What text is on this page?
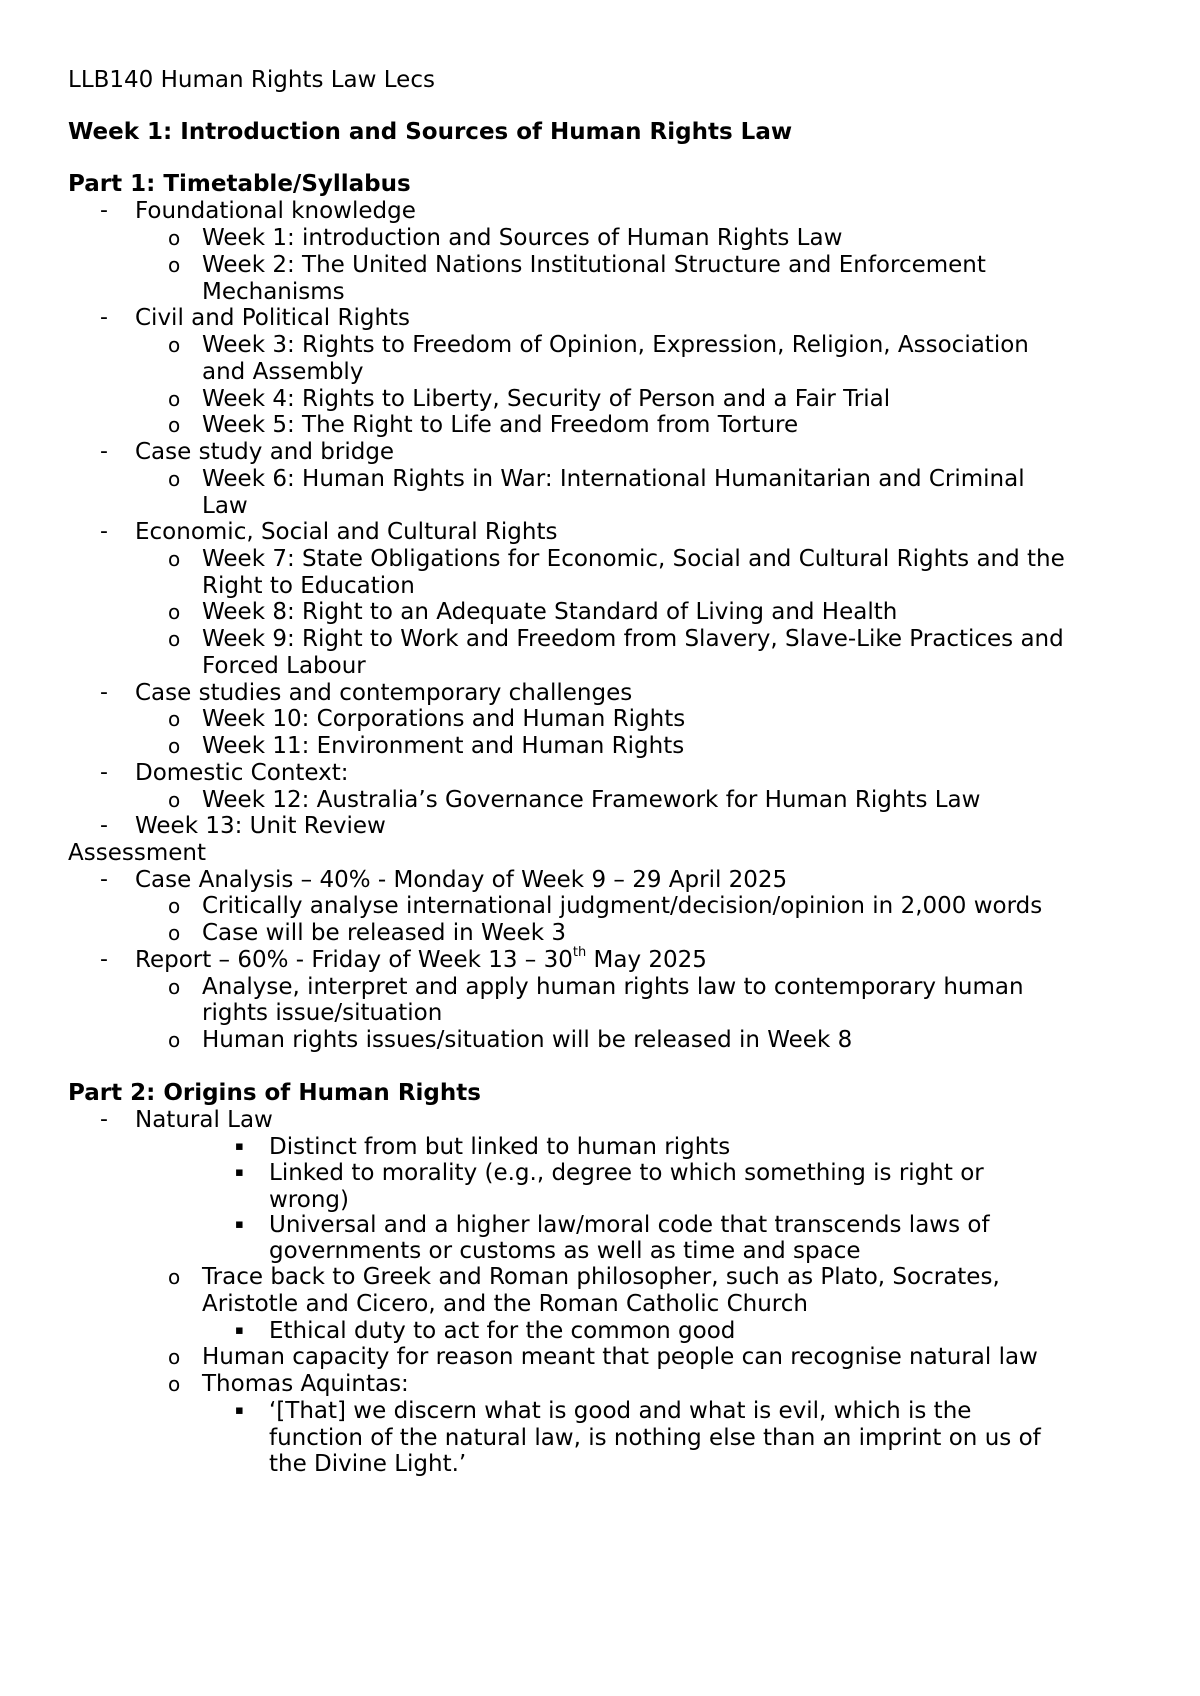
LLB140 Human Rights Law Lecs
Week 1: Introduction and Sources of Human Rights Law
Part 1: Timetable/Syllabus
- Foundational knowledge
o Week 1: introduction and Sources of Human Rights Law
o Week 2: The United Nations Institutional Structure and Enforcement
Mechanisms
- Civil and Political Rights
o Week 3: Rights to Freedom of Opinion, Expression, Religion, Association
and Assembly
o Week 4: Rights to Liberty, Security of Person and a Fair Trial
o Week 5: The Right to Life and Freedom from Torture
- Case study and bridge
o Week 6: Human Rights in War: International Humanitarian and Criminal
Law
- Economic, Social and Cultural Rights
o Week 7: State Obligations for Economic, Social and Cultural Rights and the
Right to Education
o Week 8: Right to an Adequate Standard of Living and Health
o Week 9: Right to Work and Freedom from Slavery, Slave-Like Practices and
Forced Labour
- Case studies and contemporary challenges
o Week 10: Corporations and Human Rights
o Week 11: Environment and Human Rights
- Domestic Context:
o Week 12: Australia’s Governance Framework for Human Rights Law
- Week 13: Unit Review
Assessment
- Case Analysis – 40% - Monday of Week 9 – 29 April 2025
o Critically analyse international judgment/decision/opinion in 2,000 words
o Case will be released in Week 3
- Report – 60% - Friday of Week 13 – 30th May 2025
o Analyse, interpret and apply human rights law to contemporary human
rights issue/situation
o Human rights issues/situation will be released in Week 8
Part 2: Origins of Human Rights
- Natural Law
▪ Distinct from but linked to human rights
▪ Linked to morality (e.g., degree to which something is right or
wrong)
▪ Universal and a higher law/moral code that transcends laws of
governments or customs as well as time and space
o Trace back to Greek and Roman philosopher, such as Plato, Socrates,
Aristotle and Cicero, and the Roman Catholic Church
▪ Ethical duty to act for the common good
o Human capacity for reason meant that people can recognise natural law
o Thomas Aquintas:
▪ ‘[That] we discern what is good and what is evil, which is the
function of the natural law, is nothing else than an imprint on us of
the Divine Light.’
